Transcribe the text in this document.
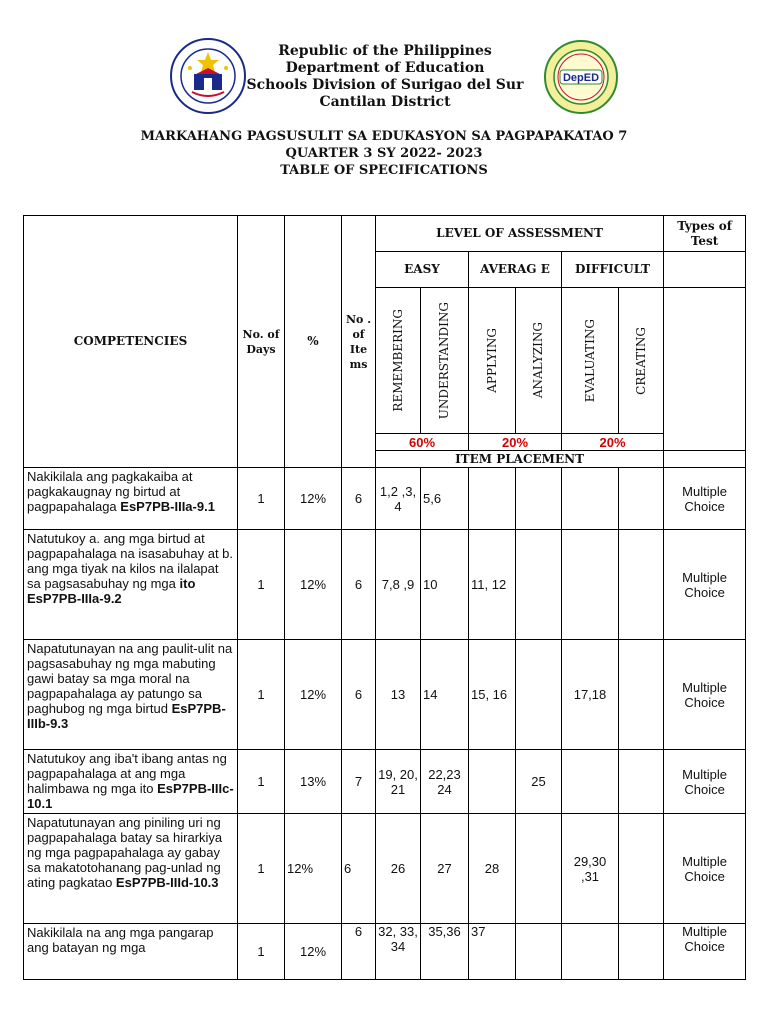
DepED
Republic of the Philippines
Department of Education
Schools Division of Surigao del Sur
Cantilan District
MARKAHANG PAGSUSULIT SA EDUKASYON SA PAGPAPAKATAO 7
QUARTER 3 SY 2022- 2023
TABLE OF SPECIFICATIONS
COMPETENCIES	No. of Days	%	No . of Ite ms	LEVEL OF ASSESSMENT						Types of Test
				EASY		AVERAG E		DIFFICULT		

				REMEMBERING	UNDERSTANDING	APPLYING	ANALYZING	EVALUATING	CREATING	

				60%		20%		20%		
				ITEM PLACEMENT						
Nakikilala ang pagkakaiba at pagkakaugnay ng birtud at pagpapahalaga EsP7PB-IIIa-9.1	1	12%	6	1,2 ,3, 4	5,6					Multiple Choice
Natutukoy a. ang mga birtud at pagpapahalaga na isasabuhay at b. ang mga tiyak na kilos na ilalapat sa pagsasabuhay ng mga ito EsP7PB-IIIa-9.2	1	12%	6	7,8 ,9	10	11, 12				Multiple Choice
Napatutunayan na ang paulit-ulit na pagsasabuhay ng mga mabuting gawi batay sa mga moral na pagpapahalaga ay patungo sa paghubog ng mga birtud EsP7PB-IIIb-9.3	1	12%	6	13	14	15, 16		17,18		Multiple Choice
Natutukoy ang iba't ibang antas ng pagpapahalaga at ang mga halimbawa ng mga ito EsP7PB-IIIc-10.1	1	13%	7	19, 20, 21	22,23 24		25			Multiple Choice
Napatutunayan ang piniling uri ng pagpapahalaga batay sa hirarkiya ng mga pagpapahalaga ay gabay sa makatotohanang pag-unlad ng ating pagkatao EsP7PB-IIId-10.3	1	12%	6	26	27	28		29,30 ,31		Multiple Choice
Nakikilala na ang mga pangarap ang batayan ng mga	1	12%	6	32, 33, 34	35,36	37				Multiple Choice
